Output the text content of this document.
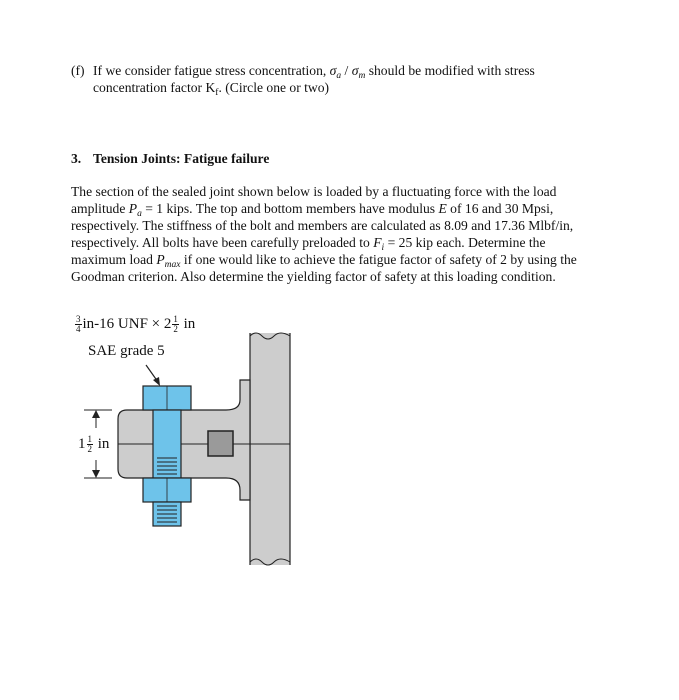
(f) If we consider fatigue stress concentration, $\sigma_a / \sigma_m$ should be modified with stress
concentration factor $K_f$. (Circle one or two)
3. Tension Joints: Fatigue failure
The section of the sealed joint shown below is loaded by a fluctuating force with the load
amplitude $P_a = 1$ kips. The top and bottom members have modulus E of 16 and 30 Mpsi,
respectively. The stiffness of the bolt and members are calculated as 8.09 and 17.36 Mlbf/in,
respectively. All bolts have been carefully preloaded to $F_i = 25$ kip each. Determine the
maximum load $P_{max}$ if one would like to achieve the fatigue factor of safety of 2 by using the
Goodman criterion. Also determine the yielding factor of safety at this loading condition.
$\frac{3}{4} in-16$ UNF × $2 \frac{1}{2}$ in
SAE grade 5
$1 \frac{1}{2}$ in
